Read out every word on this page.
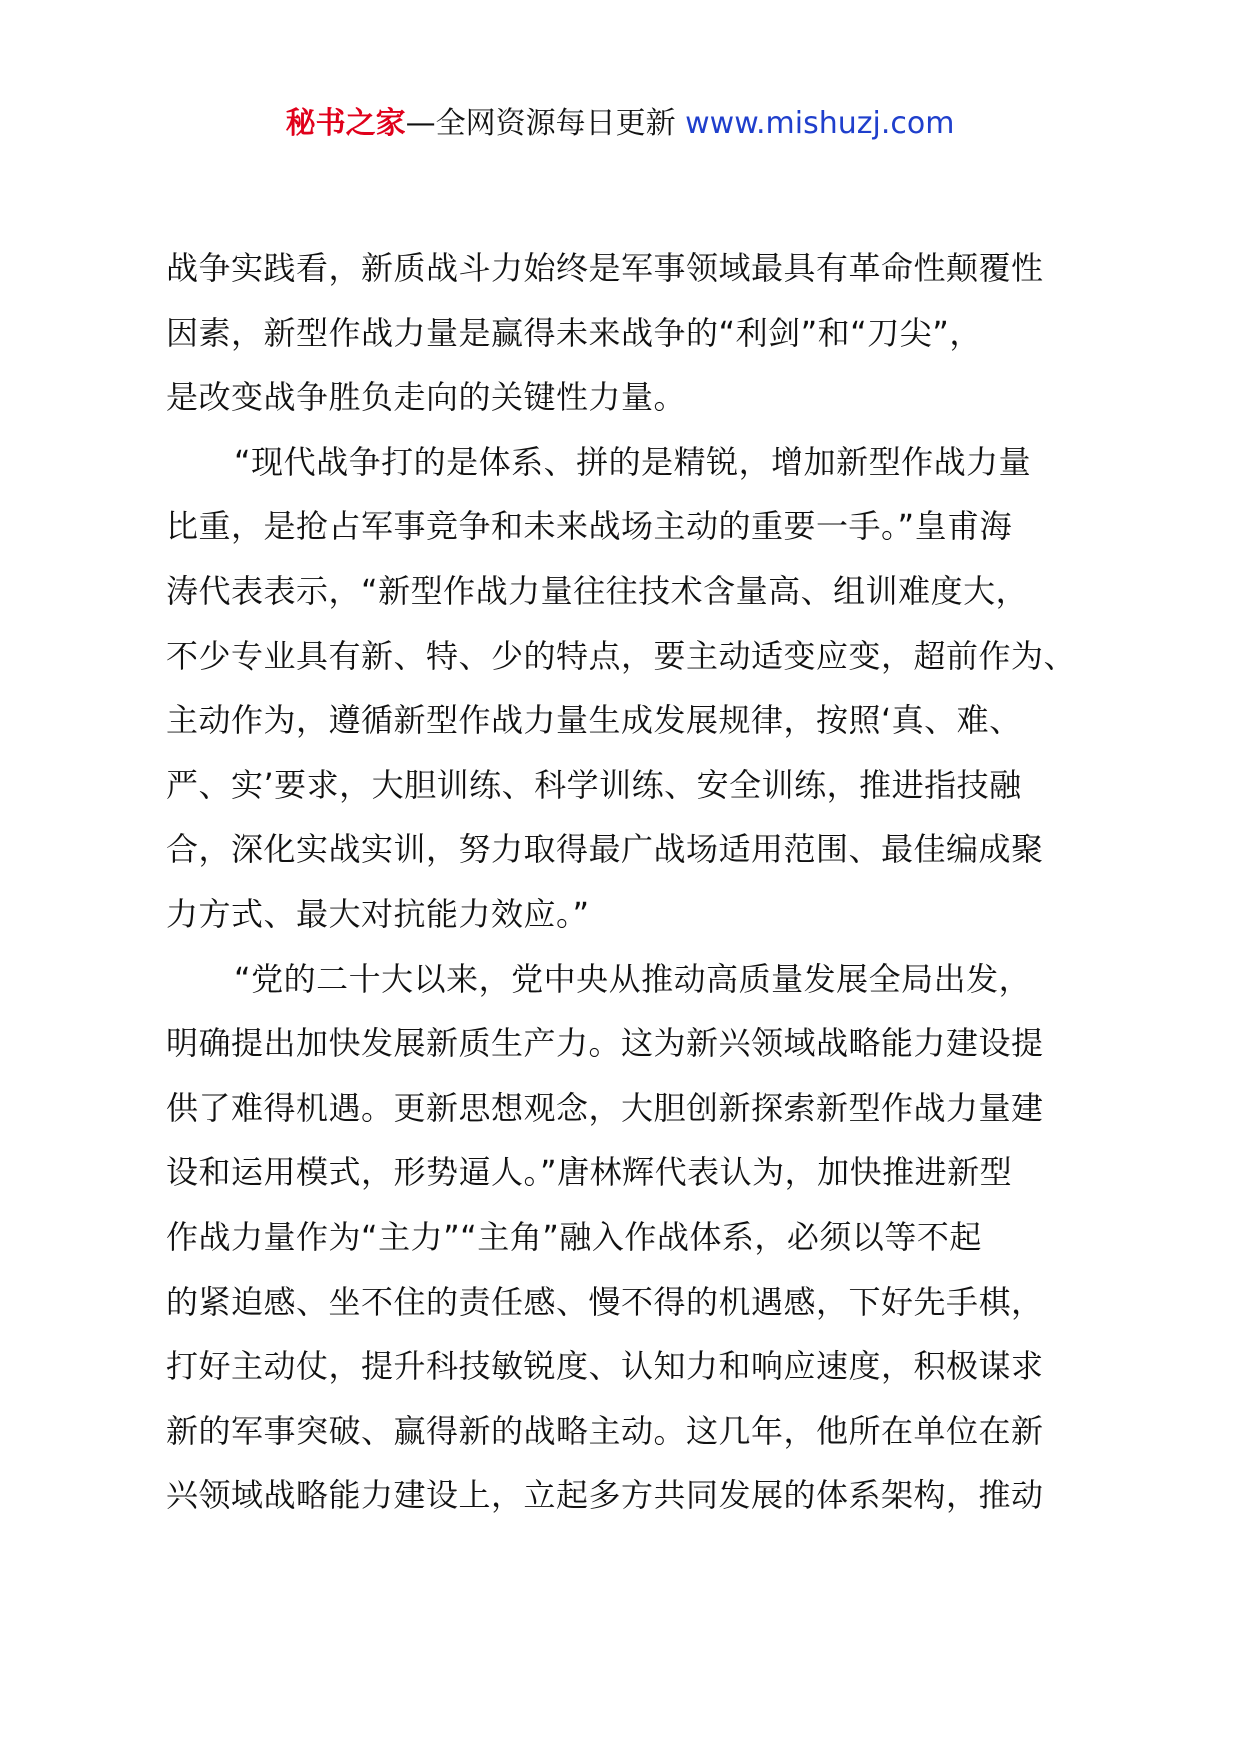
秘书之家—全网资源每日更新 www.mishuzj.com
战争实践看，新质战斗力始终是军事领域最具有革命性颠覆性
因素，新型作战力量是赢得未来战争的“利剑”和“刀尖”，
是改变战争胜负走向的关键性力量。
“现代战争打的是体系、拼的是精锐，增加新型作战力量
比重，是抢占军事竞争和未来战场主动的重要一手。”皇甫海
涛代表表示，“新型作战力量往往技术含量高、组训难度大，
不少专业具有新、特、少的特点，要主动适变应变，超前作为、
主动作为，遵循新型作战力量生成发展规律，按照‘真、难、
严、实’要求，大胆训练、科学训练、安全训练，推进指技融
合，深化实战实训，努力取得最广战场适用范围、最佳编成聚
力方式、最大对抗能力效应。”
“党的二十大以来，党中央从推动高质量发展全局出发，
明确提出加快发展新质生产力。这为新兴领域战略能力建设提
供了难得机遇。更新思想观念，大胆创新探索新型作战力量建
设和运用模式，形势逼人。”唐林辉代表认为，加快推进新型
作战力量作为“主力”“主角”融入作战体系，必须以等不起
的紧迫感、坐不住的责任感、慢不得的机遇感，下好先手棋，
打好主动仗，提升科技敏锐度、认知力和响应速度，积极谋求
新的军事突破、赢得新的战略主动。这几年，他所在单位在新
兴领域战略能力建设上，立起多方共同发展的体系架构，推动
